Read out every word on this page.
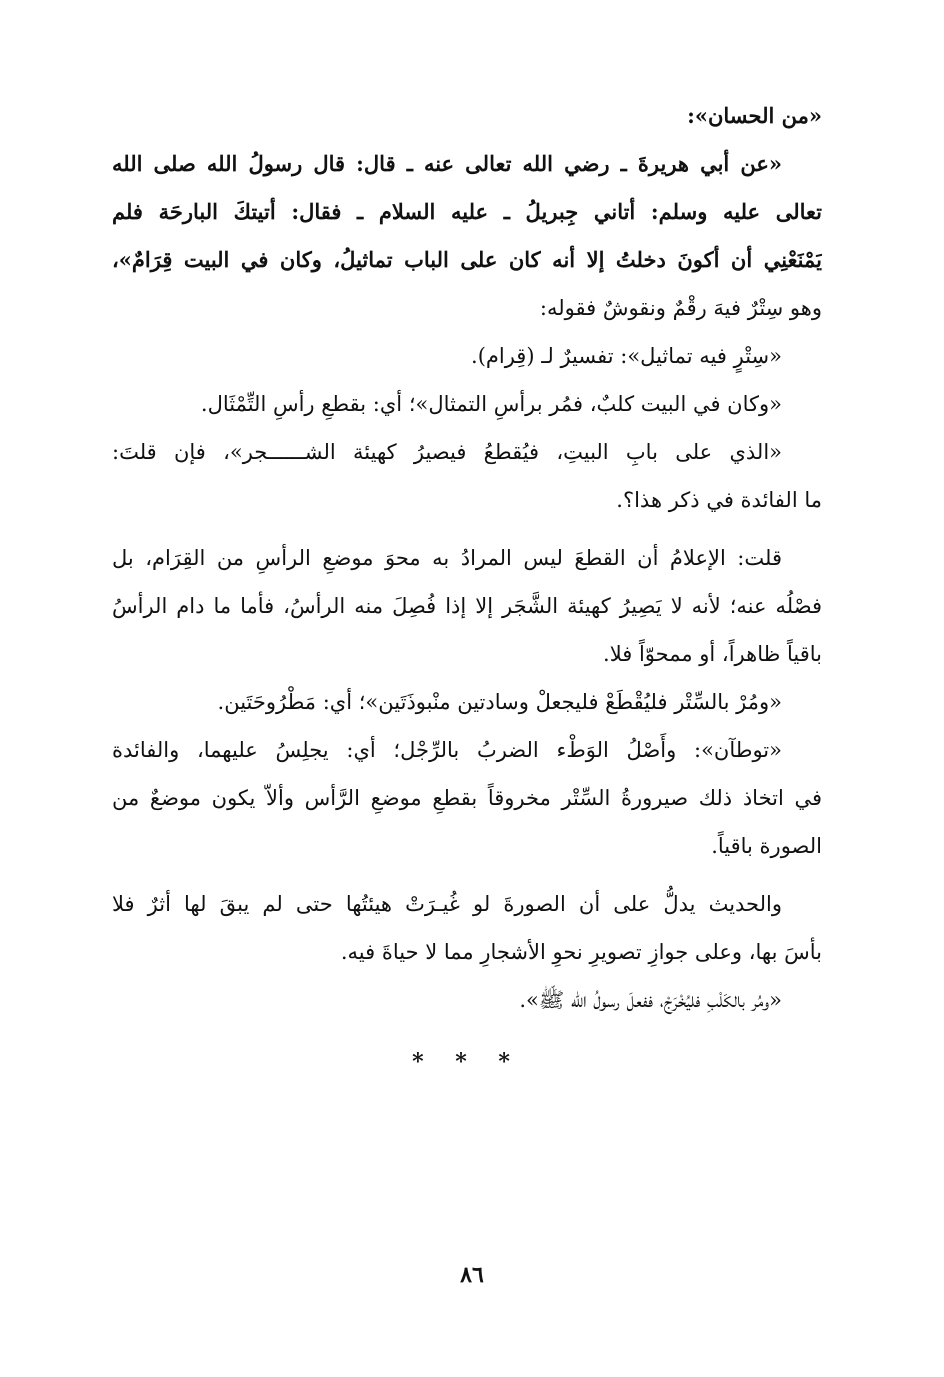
«من الحسان»:
«عن أبي هريرةَ ـ رضي الله تعالى عنه ـ قال: قال رسولُ الله صلى الله
تعالى عليه وسلم: أتاني جِبريلُ ـ عليه السلام ـ فقال: أتيتكَ البارحَة فلم
يَمْنَعْنِي أن أكونَ دخلتُ إلا أنه كان على الباب تماثيلُ، وكان في البيت قِرَامٌ»،
وهو سِتْرٌ فيهَ رقْمٌ ونقوشٌ فقوله:
«سِتْرٍ فيه تماثيل»: تفسيرٌ لـ (قِرام).
«وكان في البيت كلبٌ، فمُر برأسِ التمثال»؛ أي: بقطعِ رأسِ التِّمْثَال.
«الذي على بابِ البيتِ، فيُقطعُ فيصيرُ كهيئة الشــــــجر»، فإن قلتَ:
ما الفائدة في ذكر هذا؟.
قلت: الإعلامُ أن القطعَ ليس المرادُ به محوَ موضعِ الرأسِ من القِرَام، بل
فصْلُه عنه؛ لأنه لا يَصِيرُ كهيئة الشَّجَر إلا إذا فُصِلَ منه الرأسُ، فأما ما دام الرأسُ
باقياً ظاهراً، أو ممحوّاً فلا.
«ومُرْ بالسِّتْر فليُقْطَعْ فليجعلْ وسادتين منْبوذَتَين»؛ أي: مَطْرُوحَتَين.
«توطآن»: وأَصْلُ الوَطْء الضربُ بالرِّجْل؛ أي: يجلِسُ عليهما، والفائدة
في اتخاذ ذلك صيرورةُ السِّتْر مخروقاً بقطعِ موضعِ الرَّأس وألاّ يكون موضعٌ من
الصورة باقياً.
والحديث يدلُّ على أن الصورةَ لو غُيـرَتْ هيئتُها حتى لم يبقَ لها أثرٌ فلا
بأسَ بها، وعلى جوازِ تصويرِ نحوِ الأشجارِ مما لا حياةَ فيه.
«ومُر بالكَلْبِ فليُخْرَجْ، ففعلَ رسولُ الله ﷺ».
* * *
٨٦
